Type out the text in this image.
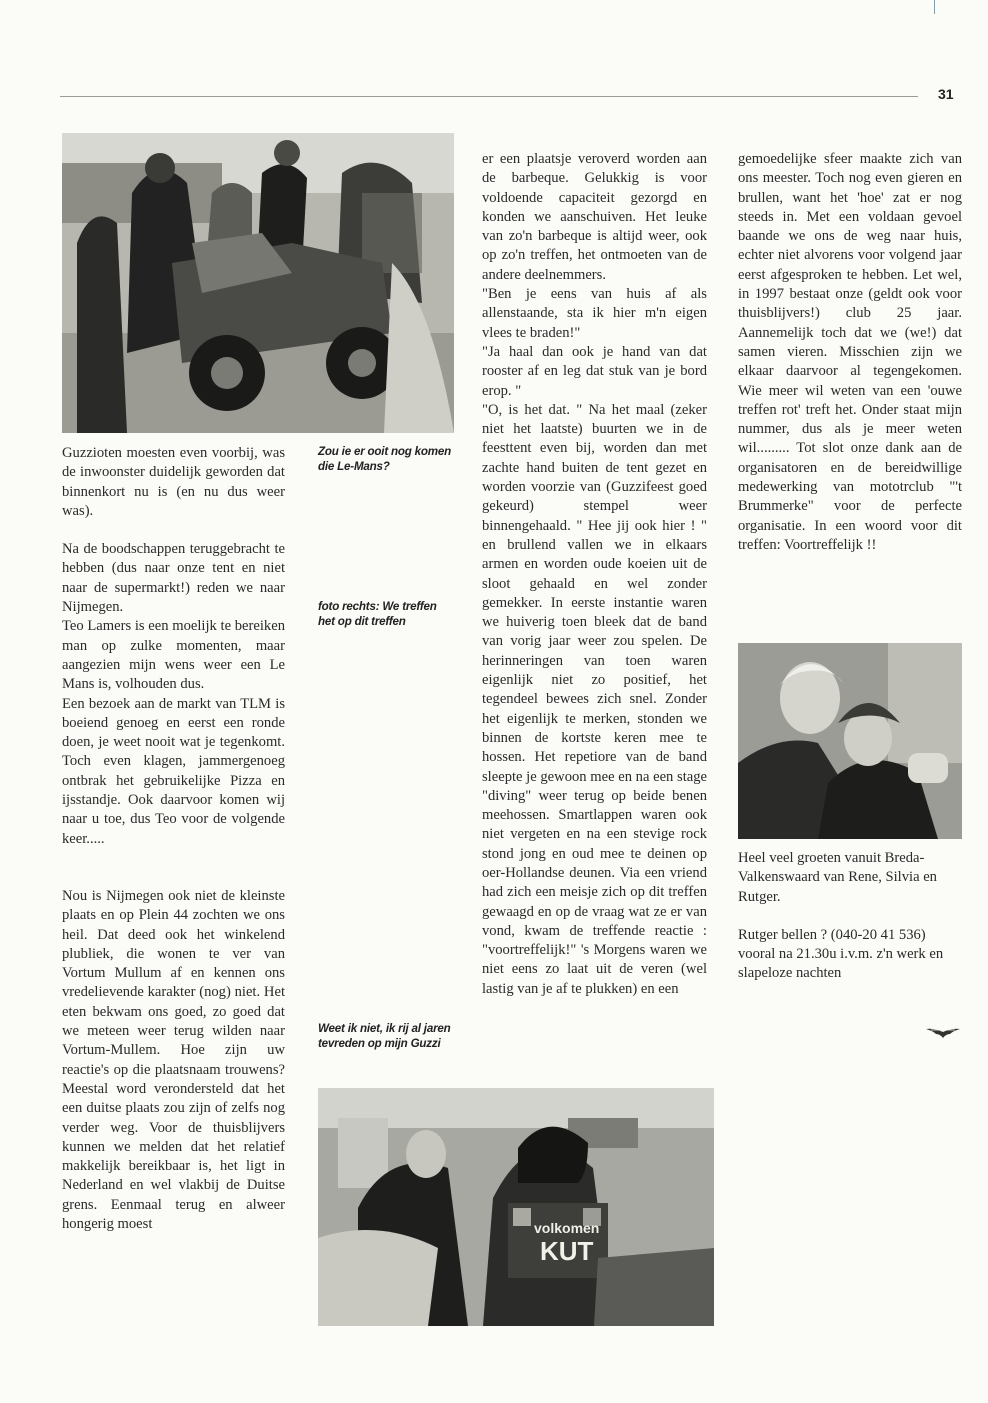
31

Guzzioten moesten even voorbij, was de inwoonster duidelijk geworden dat binnenkort nu is (en nu dus weer was).

Na de boodschappen teruggebracht te hebben (dus naar onze tent en niet naar de supermarkt!) reden we naar Nijmegen.

Teo Lamers is een moelijk te bereiken man op zulke momenten, maar aangezien mijn wens weer een Le Mans is, volhouden dus.

Een bezoek aan de markt van TLM is boeiend genoeg en eerst een ronde doen, je weet nooit wat je tegenkomt. Toch even klagen, jammergenoeg ontbrak het gebruikelijke Pizza en ijsstandje. Ook daarvoor komen wij naar u toe, dus Teo voor de volgende keer.....

Nou is Nijmegen ook niet de kleinste plaats en op Plein 44 zochten we ons heil. Dat deed ook het winkelend plubliek, die wonen te ver van Vortum Mullum af en kennen ons vredelievende karakter (nog) niet. Het eten bekwam ons goed, zo goed dat we meteen weer terug wilden naar Vortum-Mullem. Hoe zijn uw reactie's op die plaatsnaam trouwens? Meestal word verondersteld dat het een duitse plaats zou zijn of zelfs nog verder weg. Voor de thuisblijvers kunnen we melden dat het relatief makkelijk bereikbaar is, het ligt in Nederland en wel vlakbij de Duitse grens. Eenmaal terug en alweer hongerig moest

Zou ie er ooit nog komen die Le-Mans?
foto rechts: We treffen het op dit treffen
Weet ik niet, ik rij al jaren tevreden op mijn Guzzi

er een plaatsje veroverd worden aan de barbeque. Gelukkig is voor voldoende capaciteit gezorgd en konden we aanschuiven. Het leuke van zo'n barbeque is altijd weer, ook op zo'n treffen, het ontmoeten van de andere deelnemmers.

"Ben je eens van huis af als allenstaande, sta ik hier m'n eigen vlees te braden!"

"Ja haal dan ook je hand van dat rooster af en leg dat stuk van je bord erop. "

"O, is het dat. " Na het maal (zeker niet het laatste) buurten we in de feesttent even bij, worden dan met zachte hand buiten de tent gezet en worden voorzie van (Guzzifeest goed gekeurd) stempel weer binnengehaald. " Hee jij ook hier ! " en brullend vallen we in elkaars armen en worden oude koeien uit de sloot gehaald en wel zonder gemekker. In eerste instantie waren we huiverig toen bleek dat de band van vorig jaar weer zou spelen. De herinneringen van toen waren eigenlijk niet zo positief, het tegendeel bewees zich snel. Zonder het eigenlijk te merken, stonden we binnen de kortste keren mee te hossen. Het repetiore van de band sleepte je gewoon mee en na een stage "diving" weer terug op beide benen meehossen. Smartlappen waren ook niet vergeten en na een stevige rock stond jong en oud mee te deinen op oer-Hollandse deunen. Via een vriend had zich een meisje zich op dit treffen gewaagd en op de vraag wat ze er van vond, kwam de treffende reactie : "voortreffelijk!" 's Morgens waren we niet eens zo laat uit de veren (wel lastig van je af te plukken) en een

gemoedelijke sfeer maakte zich van ons meester. Toch nog even gieren en brullen, want het 'hoe' zat er nog steeds in. Met een voldaan gevoel baande we ons de weg naar huis, echter niet alvorens voor volgend jaar eerst afgesproken te hebben. Let wel, in 1997 bestaat onze (geldt ook voor thuisblijvers!) club 25 jaar. Aannemelijk toch dat we (we!) dat samen vieren. Misschien zijn we elkaar daarvoor al tegengekomen. Wie meer wil weten van een 'ouwe treffen rot' treft het. Onder staat mijn nummer, dus als je meer weten wil......... Tot slot onze dank aan de organisatoren en de bereidwillige medewerking van mototrclub "'t Brummerke" voor de perfecte organisatie. In een woord voor dit treffen: Voortreffelijk !!

Heel veel groeten vanuit Breda-Valkenswaard van Rene, Silvia en Rutger.

Rutger bellen ? (040-20 41 536) vooral na 21.30u i.v.m. z'n werk en slapeloze nachten

volkomen
KUT
